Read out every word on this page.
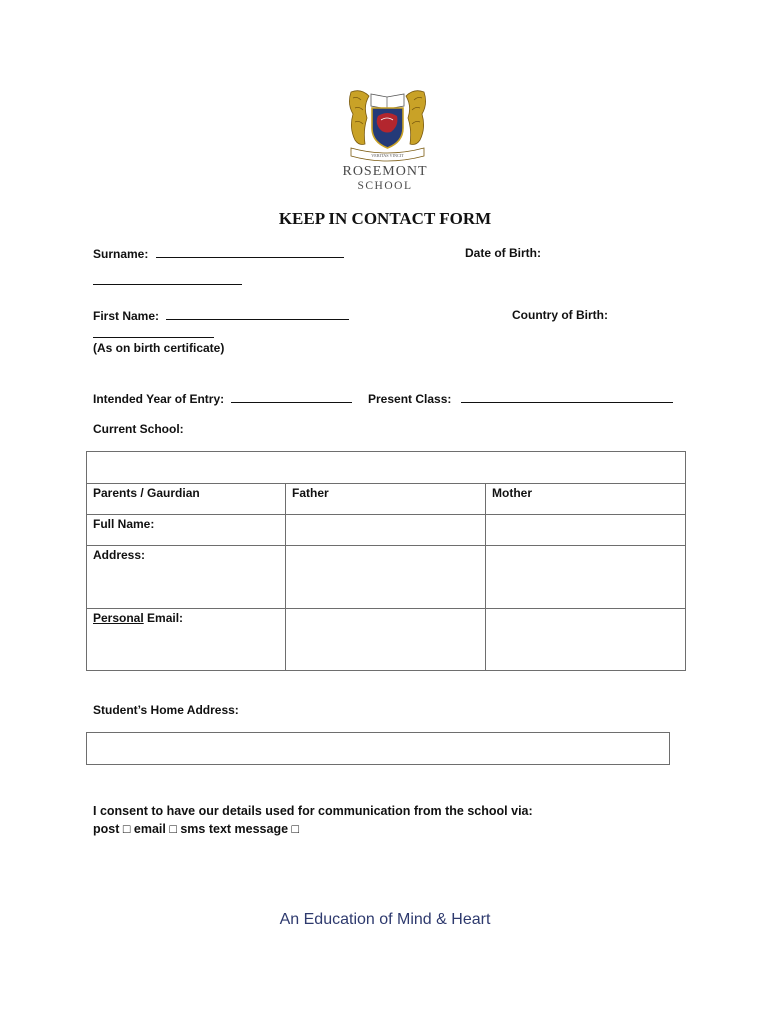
VERITAS VINCIT
ROSEMONT
SCHOOL
KEEP IN CONTACT FORM
Surname:	Date of Birth:
First Name:	Country of Birth:
(As on birth certificate)
Intended Year of Entry:	Present Class:
Current School:

Parents / Gaurdian	Father	Mother
Full Name:		
Address:		
Personal Email:		
Student’s Home Address:
I consent to have our details used for communication from the school via:
post □ email □ sms text message □
An Education of Mind & Heart
